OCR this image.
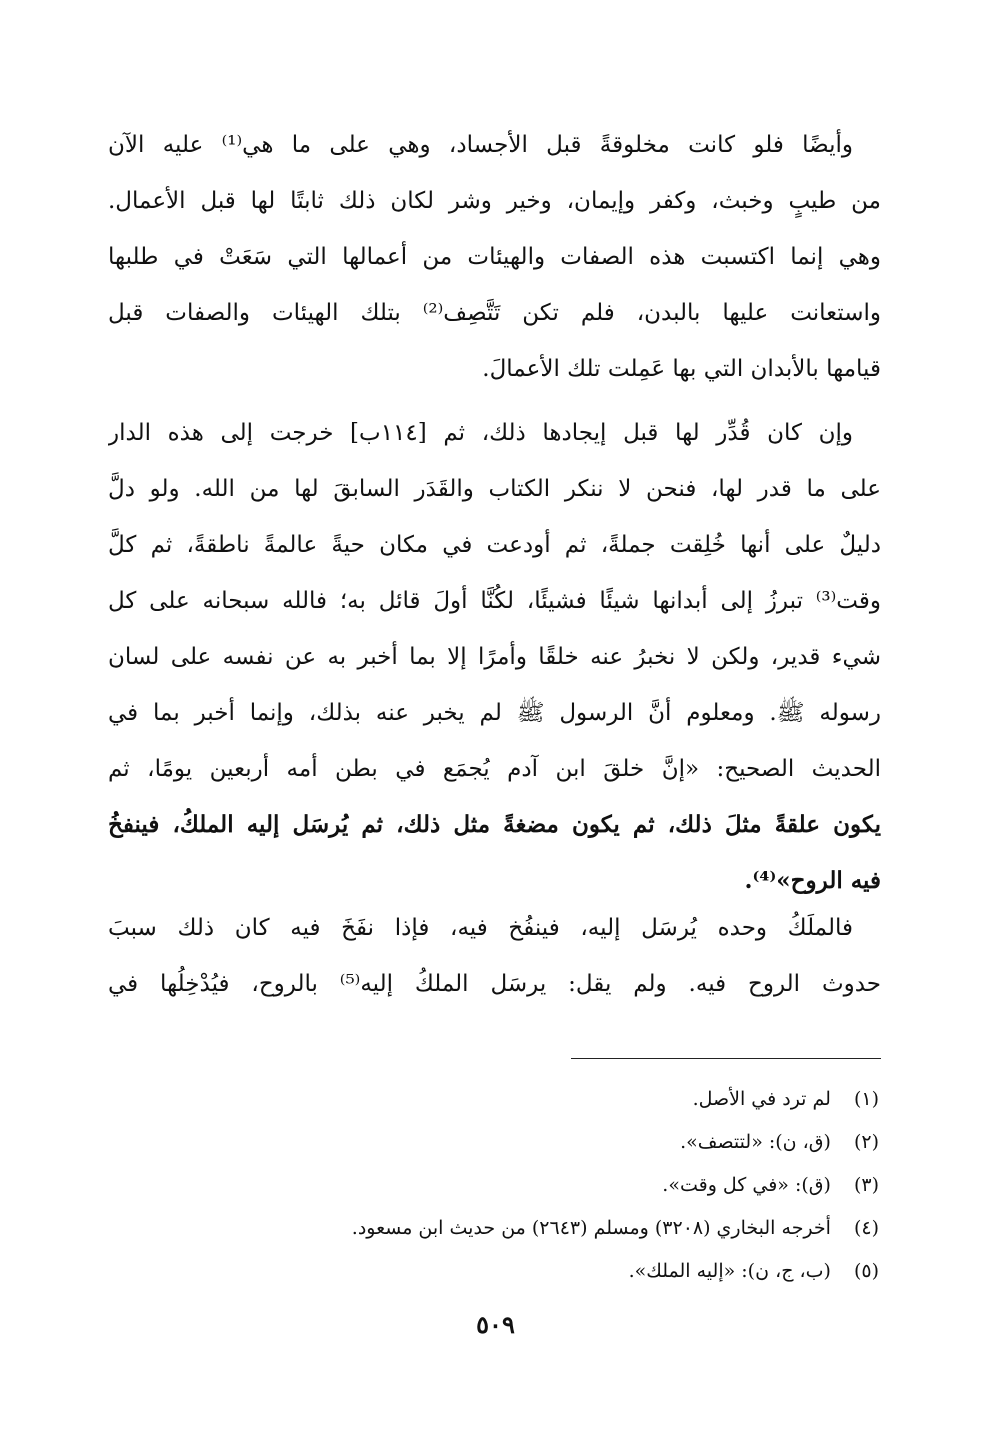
وأيضًا فلو كانت مخلوقةً قبل الأجساد، وهي على ما هي⁽¹⁾ عليه الآن
من طيبٍ وخبث، وكفر وإيمان، وخير وشر لكان ذلك ثابتًا لها قبل الأعمال.
وهي إنما اكتسبت هذه الصفات والهيئات من أعمالها التي سَعَتْ في طلبها
واستعانت عليها بالبدن، فلم تكن تَتَّصِف⁽²⁾ بتلك الهيئات والصفات قبل
قيامها بالأبدان التي بها عَمِلت تلك الأعمالَ.
وإن كان قُدِّر لها قبل إيجادها ذلك، ثم [١١٤ب] خرجت إلى هذه الدار
على ما قدر لها، فنحن لا ننكر الكتاب والقَدَر السابقَ لها من الله. ولو دلَّ
دليلٌ على أنها خُلِقت جملةً، ثم أودعت في مكان حيةً عالمةً ناطقةً، ثم كلَّ
وقت⁽³⁾ تبرزُ إلى أبدانها شيئًا فشيئًا، لكُنَّا أولَ قائل به؛ فالله سبحانه على كل
شيء قدير، ولكن لا نخبرُ عنه خلقًا وأمرًا إلا بما أخبر به عن نفسه على لسان
رسوله ﷺ. ومعلوم أنَّ الرسول ﷺ لم يخبر عنه بذلك، وإنما أخبر بما في
الحديث الصحيح: «إنَّ خلقَ ابن آدم يُجمَع في بطن أمه أربعين يومًا، ثم
يكون علقةً مثلَ ذلك، ثم يكون مضغةً مثل ذلك، ثم يُرسَل إليه الملكُ، فينفخُ
فيه الروح»⁽⁴⁾.
فالملَكُ وحده يُرسَل إليه، فينفُخ فيه، فإذا نفَخَ فيه كان ذلك سببَ
حدوث الروح فيه. ولم يقل: يرسَل الملكُ إليه⁽⁵⁾ بالروح، فيُدْخِلُها في
(١) لم ترد في الأصل.
(٢) (ق، ن): «لتتصف».
(٣) (ق): «في كل وقت».
(٤) أخرجه البخاري (٣٢٠٨) ومسلم (٢٦٤٣) من حديث ابن مسعود.
(٥) (ب، ج، ن): «إليه الملك».
٥٠٩
